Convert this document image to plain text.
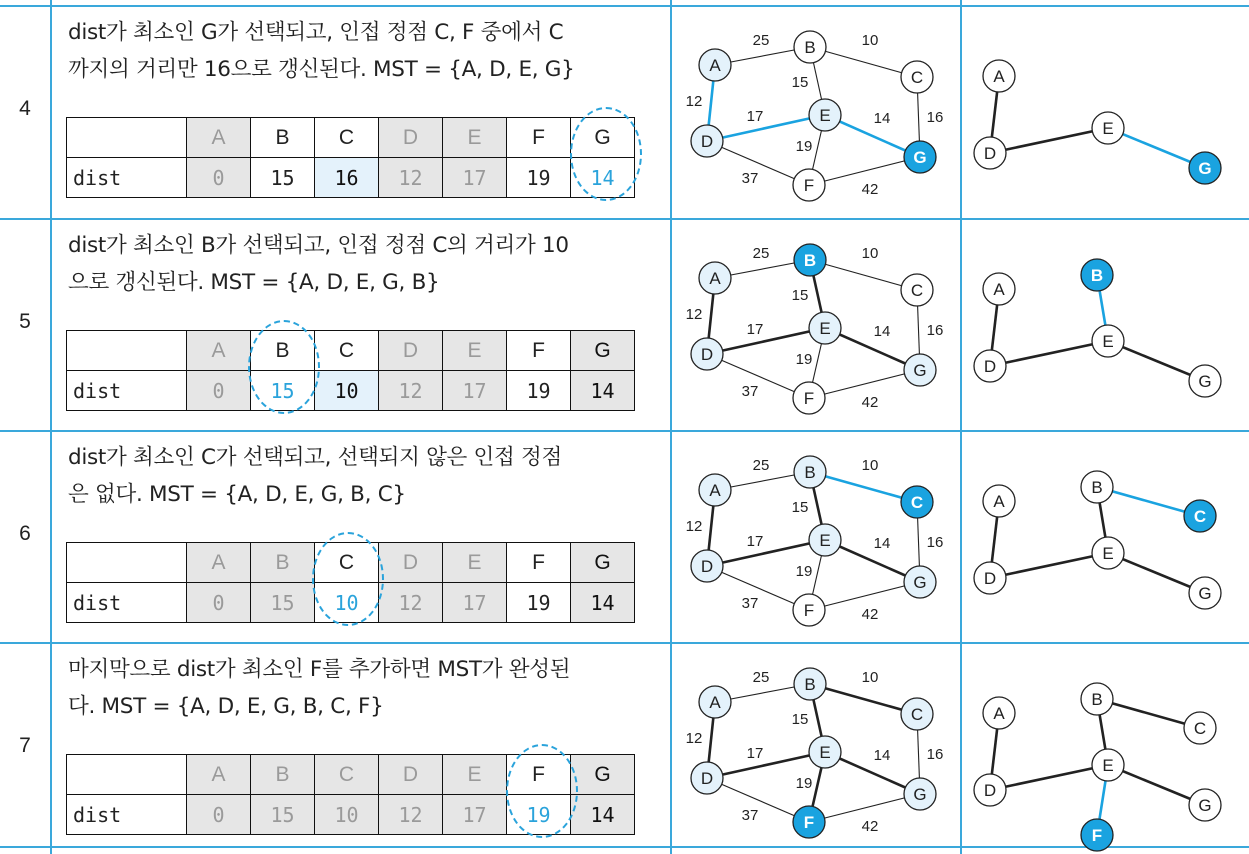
4
dist가 최소인 G가 선택되고, 인접 정점 C, F 중에서 C
까지의 거리만 16으로 갱신된다. MST = {A, D, E, G}
	A	B	C	D	E	F	G
dist	0	15	16	12	17	19	14
25
12
10
15
16
17
37
19
14
42
A
B
C
D
E
F
G
A
D
E
G
5
dist가 최소인 B가 선택되고, 인접 정점 C의 거리가 10
으로 갱신된다. MST = {A, D, E, G, B}
	A	B	C	D	E	F	G
dist	0	15	10	12	17	19	14
25
12
10
15
16
17
37
19
14
42
A
B
C
D
E
F
G
A
B
D
E
G
6
dist가 최소인 C가 선택되고, 선택되지 않은 인접 정점
은 없다. MST = {A, D, E, G, B, C}
	A	B	C	D	E	F	G
dist	0	15	10	12	17	19	14
25
12
10
15
16
17
37
19
14
42
A
B
C
D
E
F
G
A
B
C
D
E
G
7
마지막으로 dist가 최소인 F를 추가하면 MST가 완성된
다. MST = {A, D, E, G, B, C, F}
	A	B	C	D	E	F	G
dist	0	15	10	12	17	19	14
25
12
10
15
16
17
37
19
14
42
A
B
C
D
E
F
G
A
B
C
D
E
F
G
